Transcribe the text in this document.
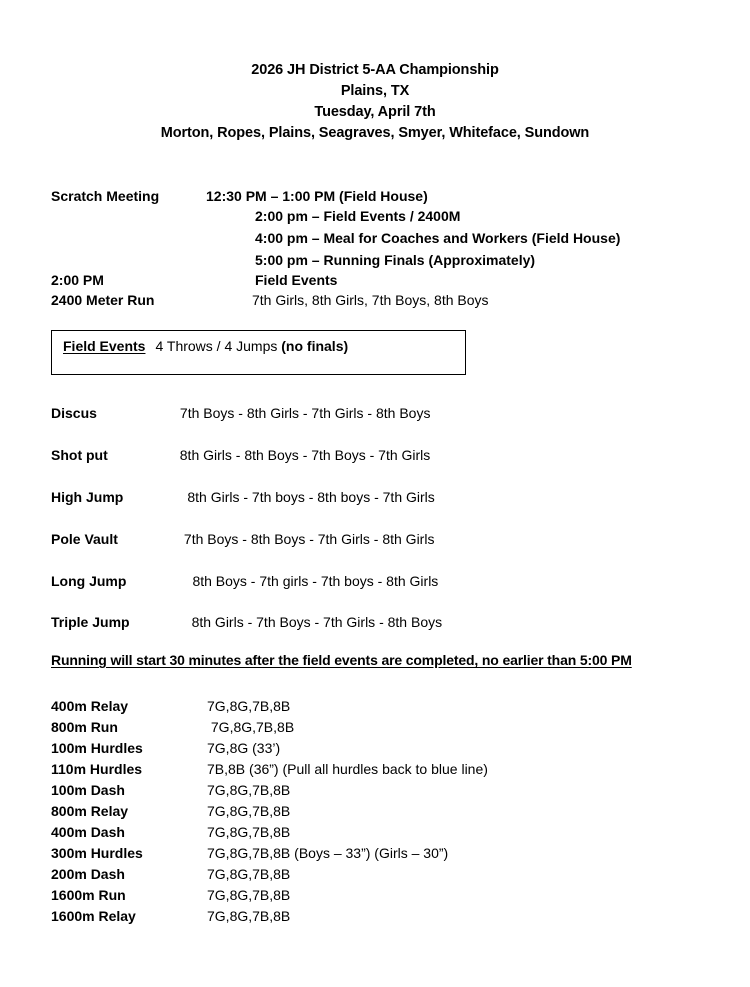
2026 JH District 5-AA Championship
Plains, TX
Tuesday, April 7th
Morton, Ropes, Plains, Seagraves, Smyer, Whiteface, Sundown
Scratch Meeting	12:30 PM – 1:00 PM (Field House)
2:00 pm – Field Events / 2400M
4:00 pm – Meal for Coaches and Workers (Field House)
5:00 pm – Running Finals (Approximately)
2:00 PM	Field Events
2400 Meter Run	7th Girls, 8th Girls, 7th Boys, 8th Boys
Field Events 4 Throws / 4 Jumps (no finals)
Discus	7th Boys - 8th Girls - 7th Girls - 8th Boys
Shot put	8th Girls - 8th Boys - 7th Boys - 7th Girls
High Jump	8th Girls - 7th boys - 8th boys - 7th Girls
Pole Vault	7th Boys - 8th Boys - 7th Girls - 8th Girls
Long Jump	8th Boys - 7th girls - 7th boys - 8th Girls
Triple Jump	8th Girls - 7th Boys - 7th Girls - 8th Boys
Running will start 30 minutes after the field events are completed, no earlier than 5:00 PM
400m Relay	7G,8G,7B,8B
800m Run	7G,8G,7B,8B
100m Hurdles	7G,8G (33’)
110m Hurdles	7B,8B (36”) (Pull all hurdles back to blue line)
100m Dash	7G,8G,7B,8B
800m Relay	7G,8G,7B,8B
400m Dash	7G,8G,7B,8B
300m Hurdles	7G,8G,7B,8B (Boys – 33”) (Girls – 30”)
200m Dash	7G,8G,7B,8B
1600m Run	7G,8G,7B,8B
1600m Relay	7G,8G,7B,8B
